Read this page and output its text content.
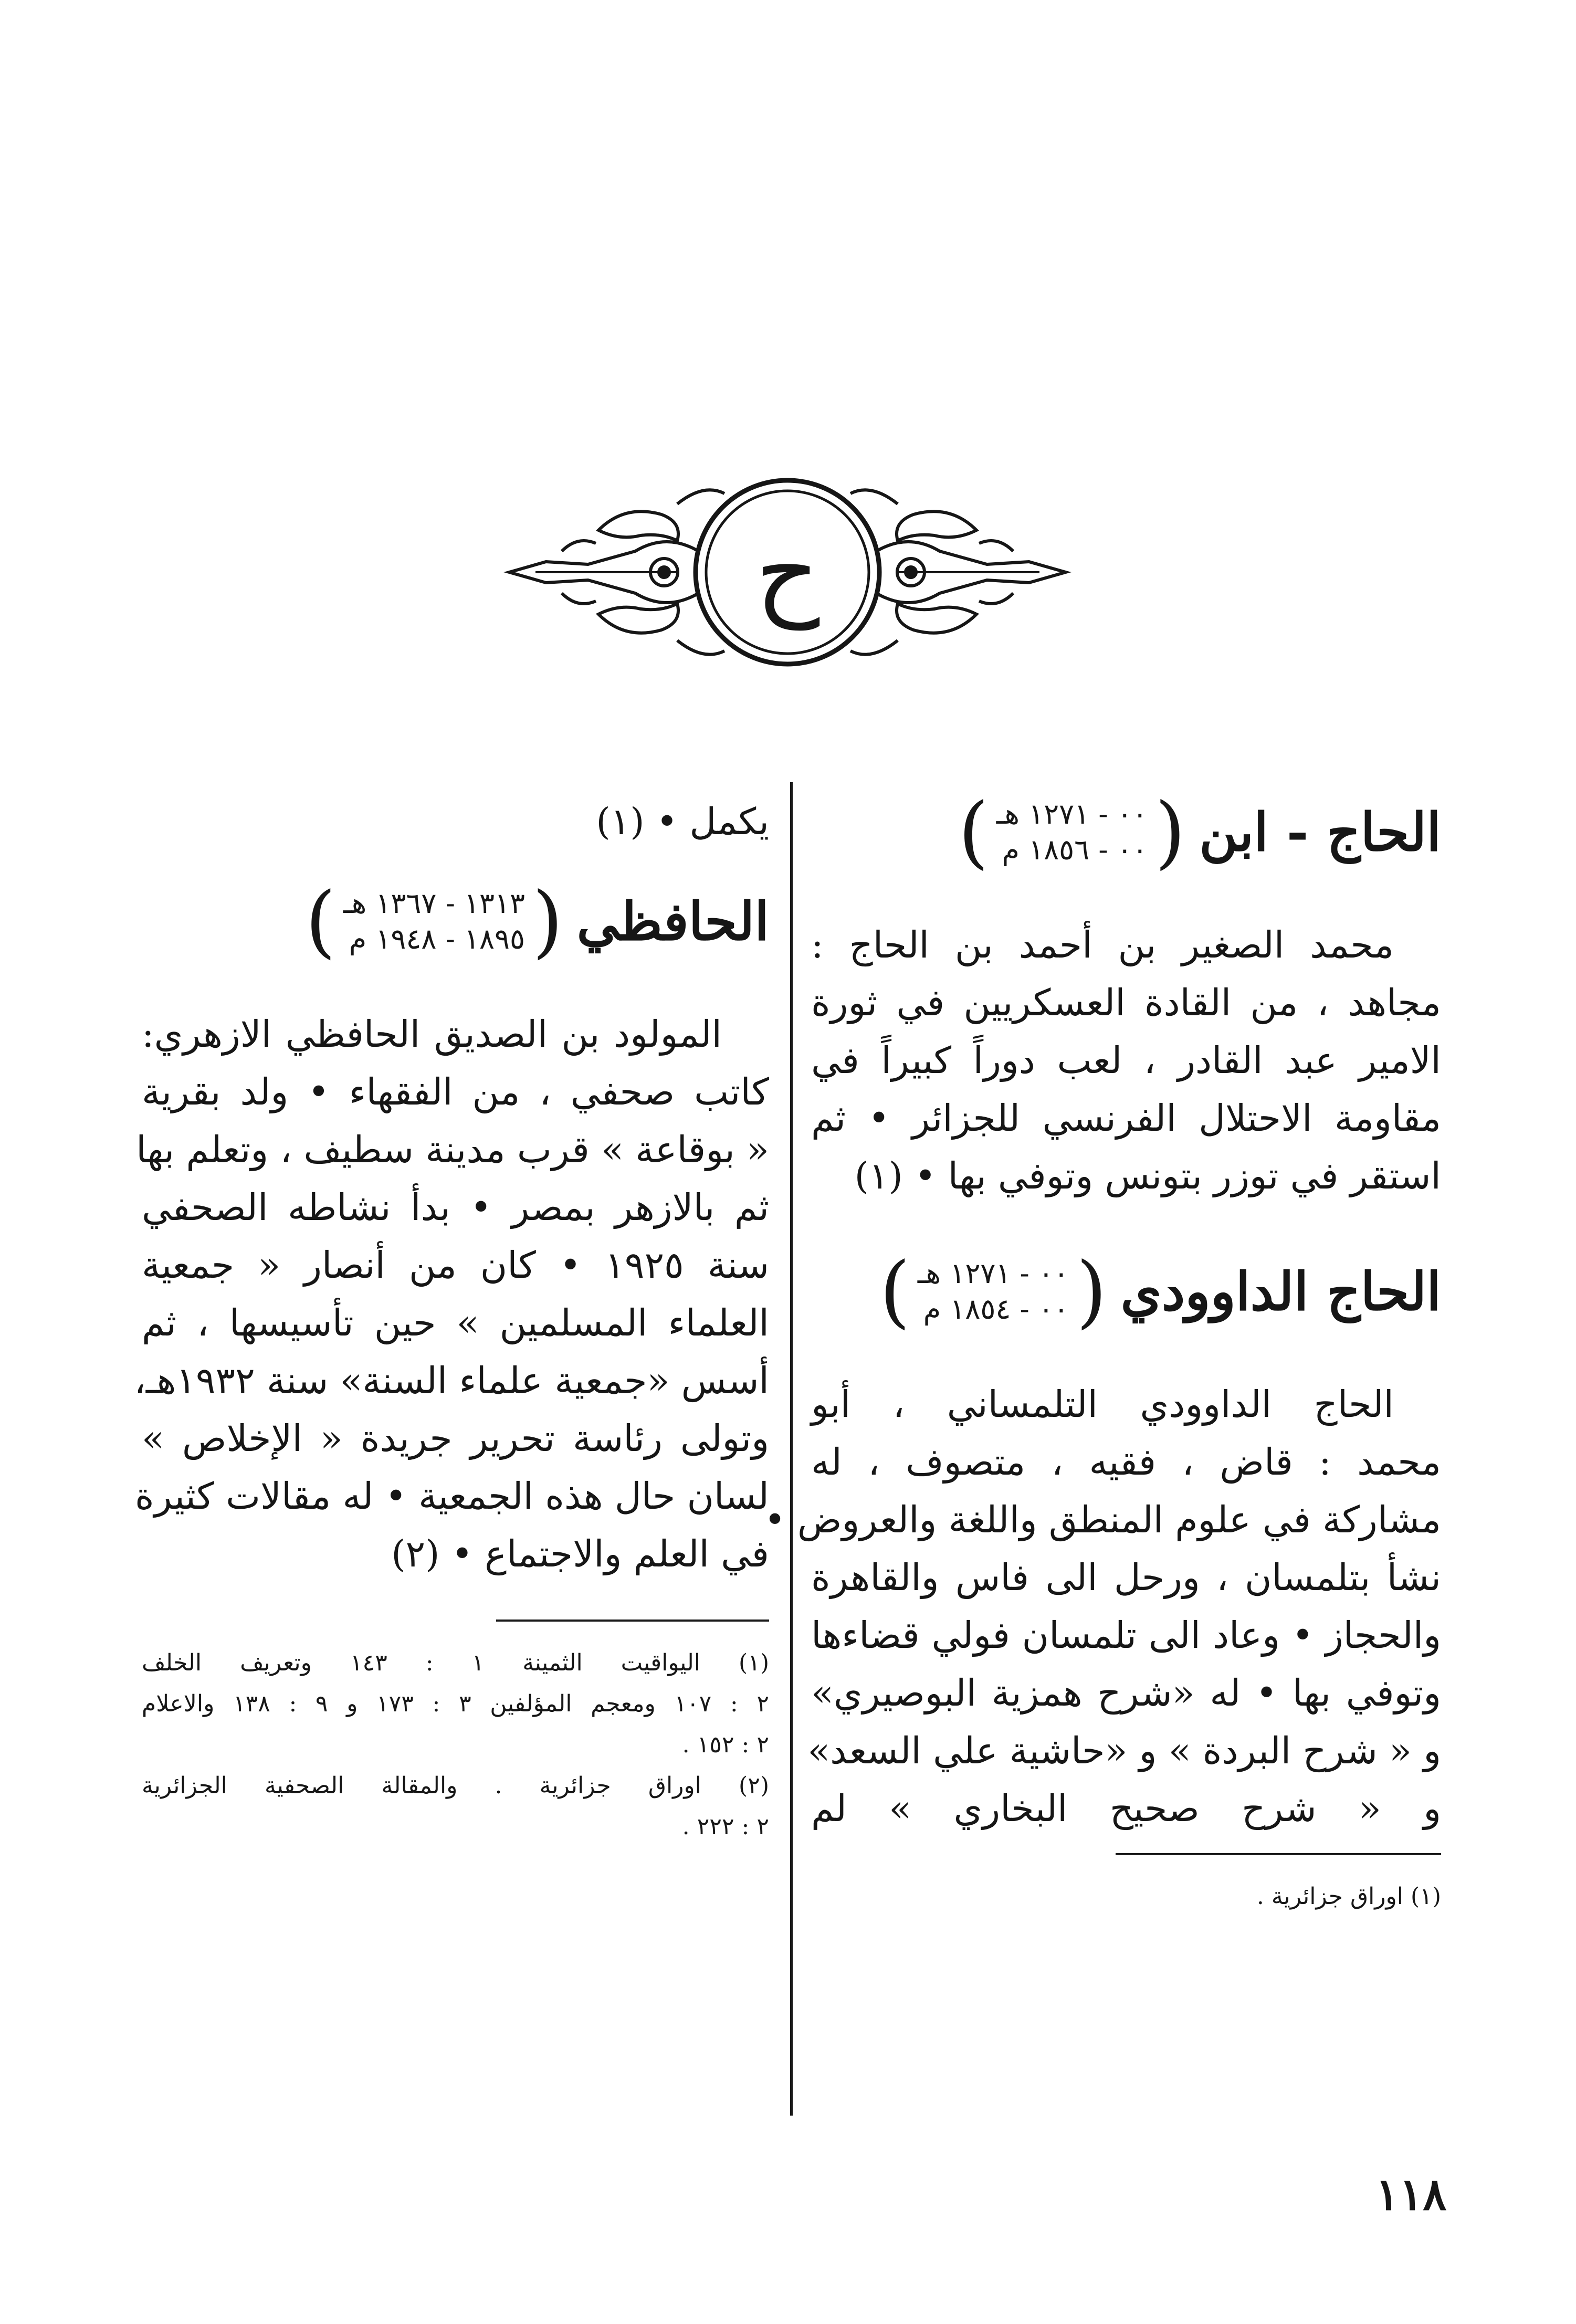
ح
الحاج - ابن
(
٠٠ - ١٢٧١ هـ
٠٠ - ١٨٥٦ م
)
محمد الصغير بن أحمد بن الحاج :
مجاهد ، من القادة العسكريين في ثورة
الامير عبد القادر ، لعب دوراً كبيراً في
مقاومة الاحتلال الفرنسي للجزائر • ثم
استقر في توزر بتونس وتوفي بها • (١)
الحاج الداوودي
(
٠٠ - ١٢٧١ هـ
٠٠ - ١٨٥٤ م
)
الحاج الداوودي التلمساني ، أبو
محمد : قاض ، فقيه ، متصوف ، له
مشاركة في علوم المنطق واللغة والعروض •
نشأ بتلمسان ، ورحل الى فاس والقاهرة
والحجاز • وعاد الى تلمسان فولي قضاءها
وتوفي بها • له «شرح همزية البوصيري»
و « شرح البردة » و «حاشية علي السعد»
و « شرح صحيح البخاري » لم
(١) اوراق جزائرية .
يكمل • (١)
الحافظي
(
١٣١٣ - ١٣٦٧ هـ
١٨٩٥ - ١٩٤٨ م
)
المولود بن الصديق الحافظي الازهري:
كاتب صحفي ، من الفقهاء • ولد بقرية
« بوقاعة » قرب مدينة سطيف ، وتعلم بها
ثم بالازهر بمصر • بدأ نشاطه الصحفي
سنة ١٩٢٥ • كان من أنصار « جمعية
العلماء المسلمين » حين تأسيسها ، ثم
أسس «جمعية علماء السنة» سنة ١٩٣٢هـ،
وتولى رئاسة تحرير جريدة « الإخلاص »
لسان حال هذه الجمعية • له مقالات كثيرة
في العلم والاجتماع • (٢)
(١) اليواقيت الثمينة ١ : ١٤٣ وتعريف الخلف
٢ : ١٠٧ ومعجم المؤلفين ٣ : ١٧٣ و ٩ : ١٣٨ والاعلام
٢ : ١٥٢ .
(٢) اوراق جزائرية . والمقالة الصحفية الجزائرية
٢ : ٢٢٢ .
١١٨
